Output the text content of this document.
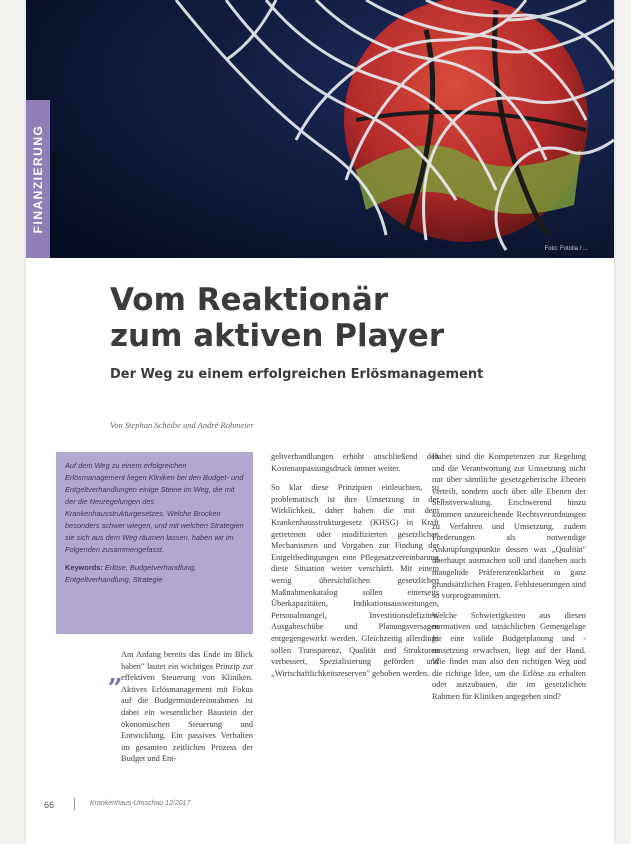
FINANZIERUNG
Foto: Fotolia / ...
Vom Reaktionär
zum aktiven Player
Der Weg zu einem erfolgreichen Erlösmanagement
Von Stephan Scheibe und André Rohmeier

Auf dem Weg zu einem erfolgreichen Erlösmanagement liegen Kliniken bei den Budget- und Entgeltverhandlungen einige Steine im Weg, die mit der die Neuregelungen des Krankenhausstrukturgesetzes. Welche Brocken besonders schwer wiegen, und mit welchen Strategien sie sich aus dem Weg räumen lassen, haben wir im Folgenden zusammengefasst.

Keywords: Erlöse, Budgetverhandlung, Entgeltverhandlung, Strategie

„

Am Anfang bereits das Ende im Blick haben" lautet ein wichtiges Prinzip zur effektiven Steuerung von Kliniken. Aktives Erlösmanagement mit Fokus auf die Budgetmindereinnahmen ist dabei ein wesentlicher Baustein der ökonomischen Steuerung und Entwicklung. Ein passives Verhalten im gesamten zeitlichen Prozess der Budget und Ent-

geltverhandlungen erhöht anschließend den Kostenanpassungsdruck immer weiter.

So klar diese Prinzipien einleuchten, so problematisch ist ihre Umsetzung in der Wirklichkeit, daher haben die mit dem Krankenhausstrukturgesetz (KHSG) in Kraft getretenen oder modifizierten gesetzlichen Mechanismen und Vorgaben zur Findung der Entgeltbedingungen eine Pflegesatzvereinbarung diese Situation weiter verschärft. Mit einem wenig übersichtlichen gesetzlichen Maßnahmenkatalog sollen einerseits Überkapazitäten, Indikationsausweitungen, Personalmangel, Investitionsdefizites, Ausgabeschübe und Planungsversagen entgegengewirkt werden. Gleichzeitig allerdings sollen Transparenz, Qualität und Strukturen verbessert, Spezialisierung gefördert und „Wirtschaftlichkeitsreserven" gehoben werden.

Dabei sind die Kompetenzen zur Regelung und die Verantwortung zur Umsetzung nicht nur über sämtliche gesetzgeberische Ebenen verteilt, sondern auch über alle Ebenen der Selbstverwaltung. Erschwerend hinzu kommen unzureichende Rechtsverordnungen zu Verfahren und Umsetzung, zudem Forderungen als notwendige Anknüpfungspunkte dessen was „Qualität" überhaupt ausmachen soll und daneben auch mangelnde Präferenzenklarheit in ganz grundsätzlichen Fragen. Fehlsteuerungen sind so vorprogrammiert.

Welche Schwierigkeiten aus diesen normativen und tatsächlichen Gemengelage für eine valide Budgetplanung und -umsetzung erwachsen, liegt auf der Hand. Wie findet man also den richtigen Weg und die richtige Idee, um die Erlöse zu erhalten oder auszubauen, die im gesetzlichen Rahmen für Kliniken angegeben sind?

66	Krankenhaus-Umschau 12/2017
